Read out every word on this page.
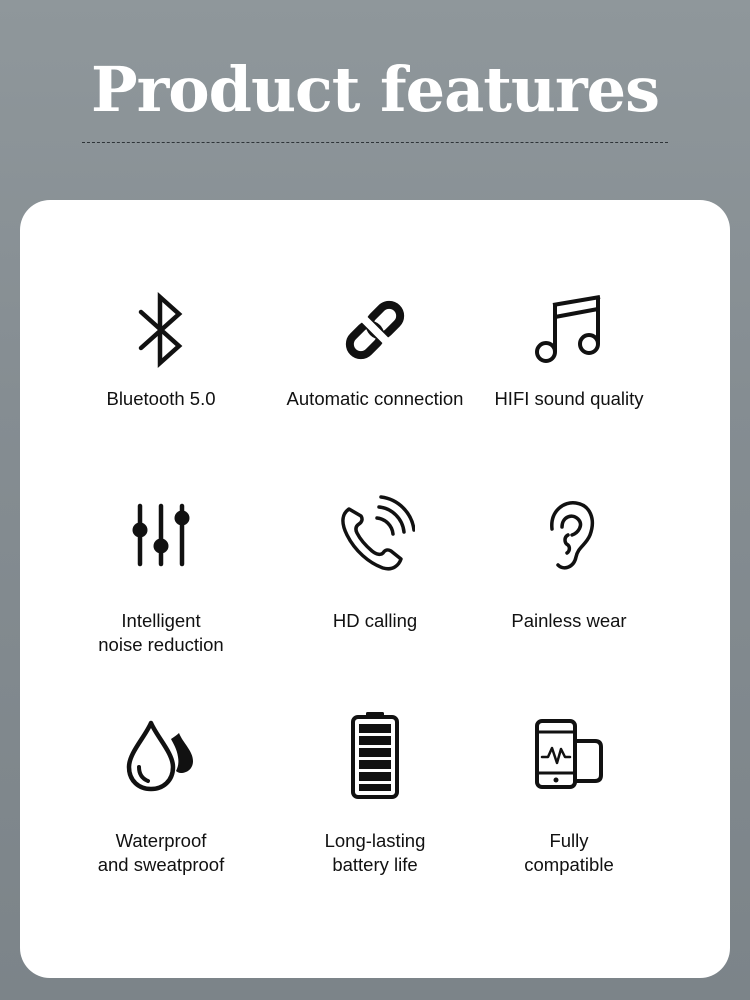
Product features
Bluetooth 5.0	Automatic connection	HIFI sound quality
Intelligent
noise reduction
HD calling	Painless wear
Waterproof
and sweatproof
Long-lasting
battery life
Fully
compatible
